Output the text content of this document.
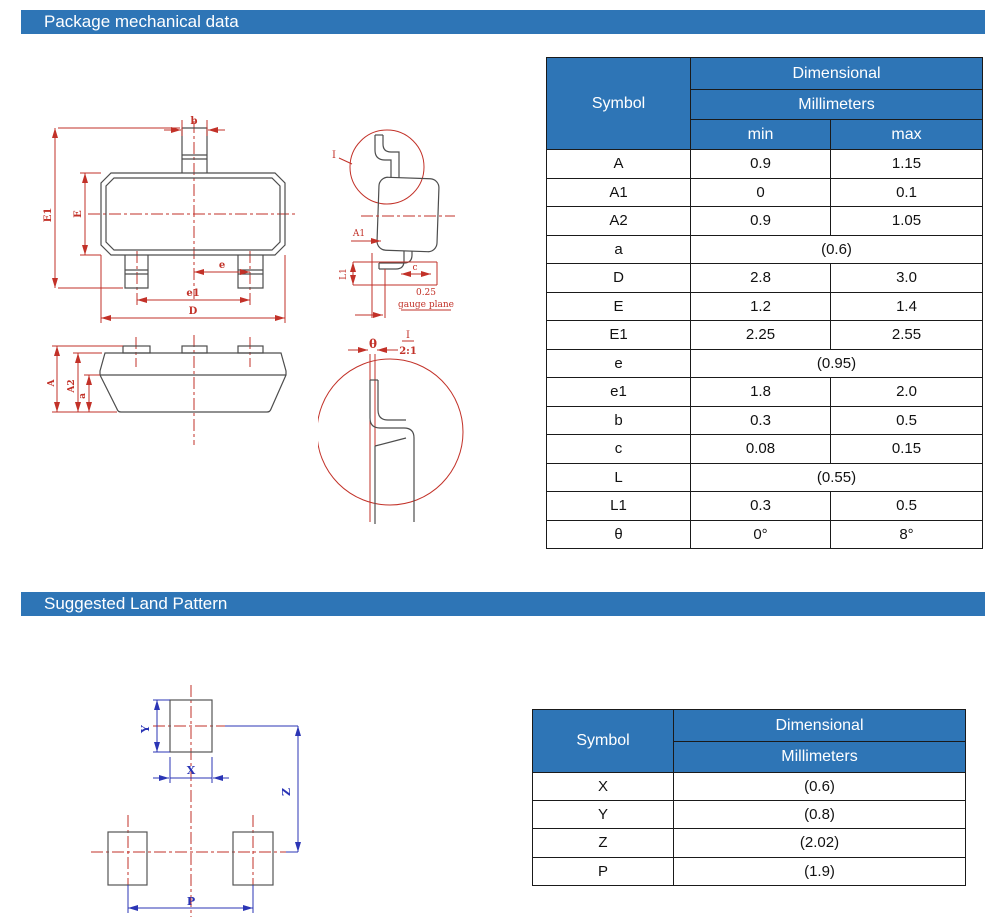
Package mechanical data
b
E1 E
e
e1
D
I
A1
L1
c
0.25
gauge plane
θ
I
2:1
A A2
a
Symbol	Dimensional	
	Millimeters	
	min	max
A	0.9	1.15
A1	0	0.1
A2	0.9	1.05
a	(0.6)	
D	2.8	3.0
E	1.2	1.4
E1	2.25	2.55
e	(0.95)	
e1	1.8	2.0
b	0.3	0.5
c	0.08	0.15
L	(0.55)	
L1	0.3	0.5
θ	0°	8°
Suggested Land Pattern
Y
X
Z
P
Symbol	Dimensional
	Millimeters
X	(0.6)
Y	(0.8)
Z	(2.02)
P	(1.9)
